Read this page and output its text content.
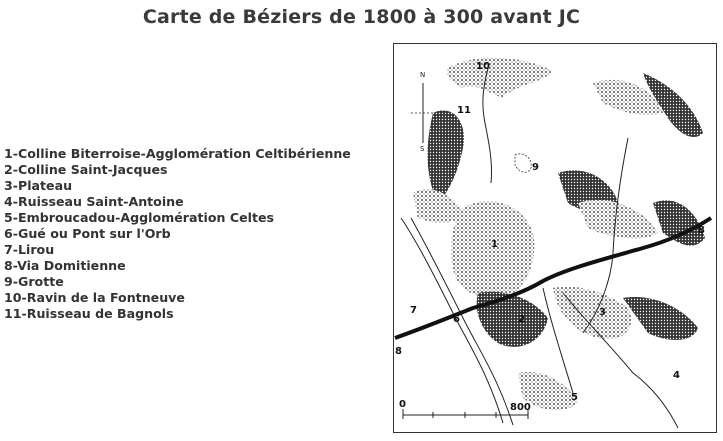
Carte de Béziers de 1800 à 300 avant JC
1-Colline Biterroise-Agglomération Celtibérienne
2-Colline Saint-Jacques
3-Plateau
4-Ruisseau Saint-Antoine
5-Embroucadou-Agglomération Celtes
6-Gué ou Pont sur l'Orb
7-Lirou
8-Via Domitienne
9-Grotte
10-Ravin de la Fontneuve
11-Ruisseau de Bagnols
N
S
1
2
3
4
5
6
7
8
8
9
10
11
0	800
